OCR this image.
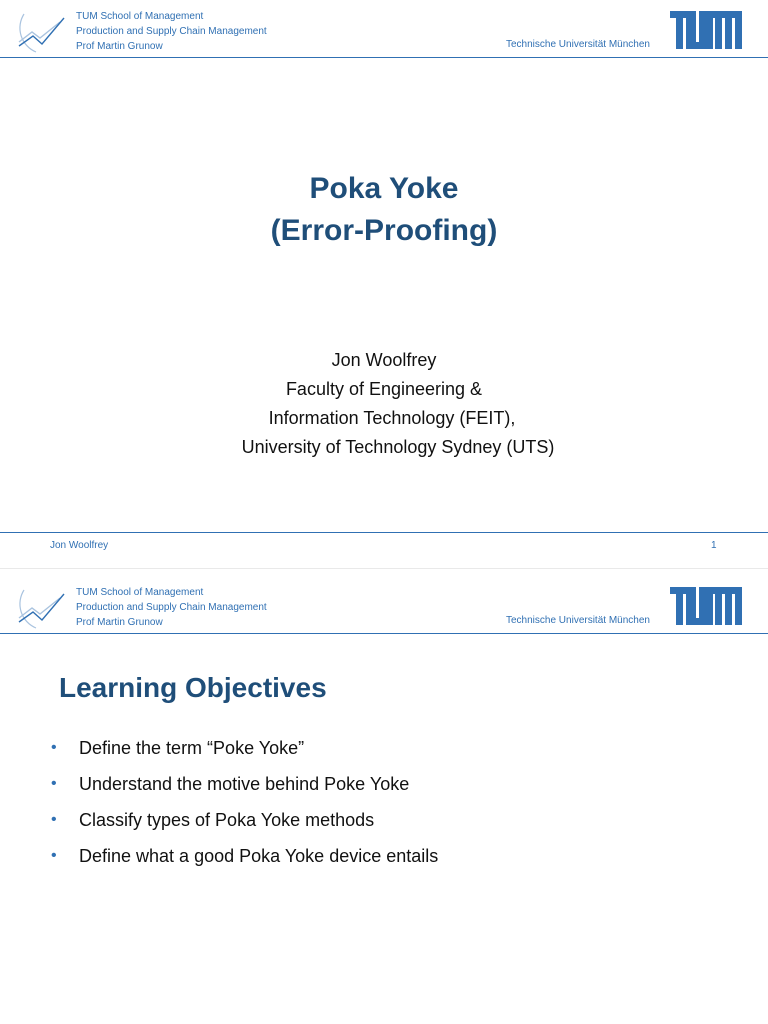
TUM School of Management
Production and Supply Chain Management
Prof Martin Grunow	Technische Universität München
Poka Yoke
(Error-Proofing)
Jon Woolfrey
Faculty of Engineering &
Information Technology (FEIT),
University of Technology Sydney (UTS)
Jon Woolfrey	1
TUM School of Management
Production and Supply Chain Management
Prof Martin Grunow	Technische Universität München
Learning Objectives
• Define the term “Poke Yoke”
• Understand the motive behind Poke Yoke
• Classify types of Poka Yoke methods
• Define what a good Poka Yoke device entails
